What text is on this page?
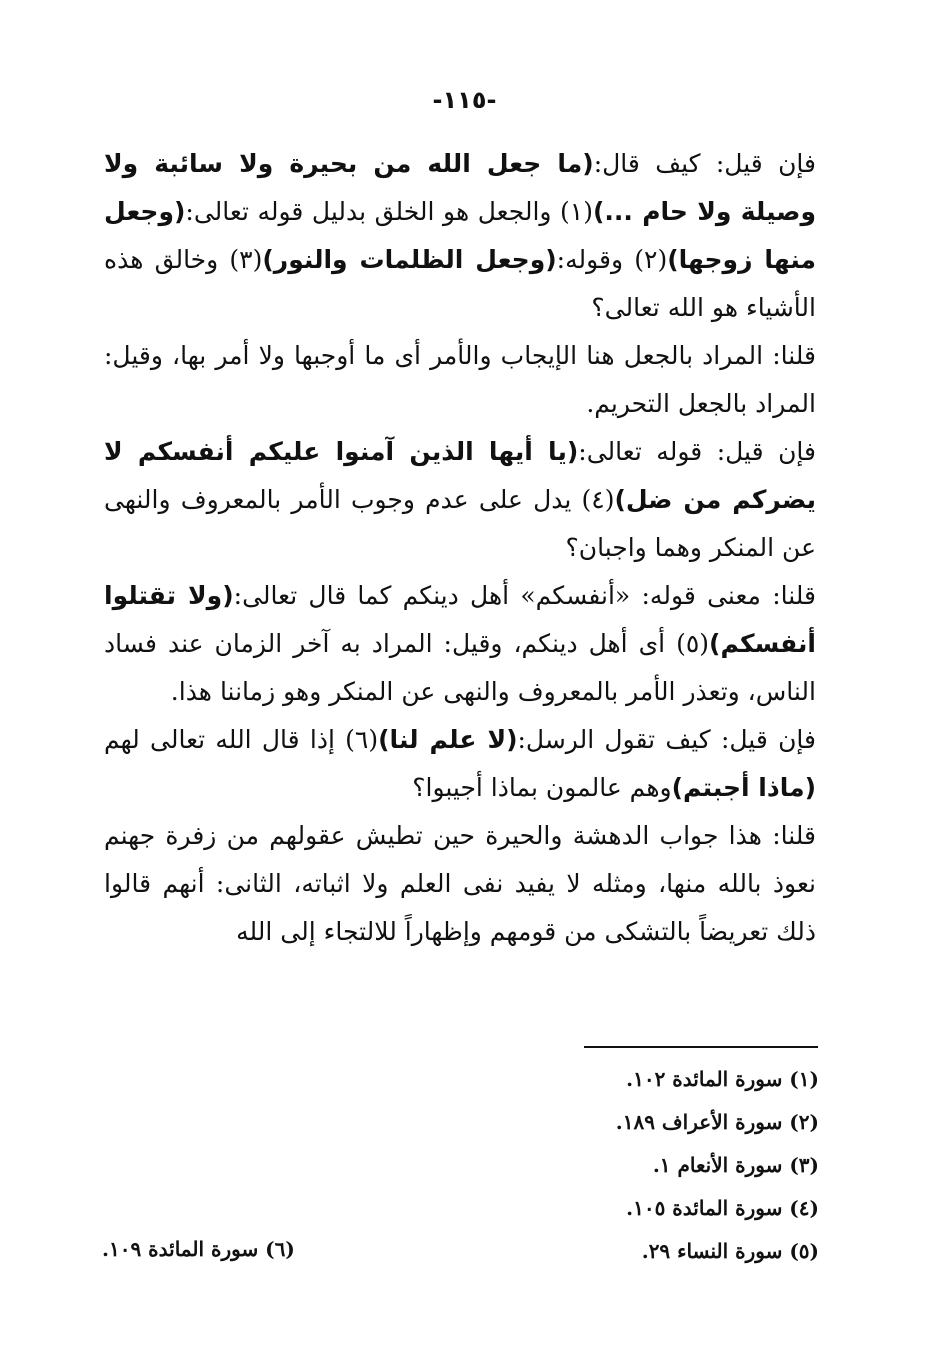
-١١٥-

فإن قيل: كيف قال:(ما جعل الله من بحيرة ولا سائبة ولا وصيلة ولا حام ...)(١) والجعل هو الخلق بدليل قوله تعالى:(وجعل منها زوجها)(٢) وقوله:(وجعل الظلمات والنور)(٣) وخالق هذه الأشياء هو الله تعالى؟

قلنا: المراد بالجعل هنا الإيجاب والأمر أى ما أوجبها ولا أمر بها، وقيل: المراد بالجعل التحريم.

فإن قيل: قوله تعالى:(يا أيها الذين آمنوا عليكم أنفسكم لا يضركم من ضل)(٤) يدل على عدم وجوب الأمر بالمعروف والنهى عن المنكر وهما واجبان؟

قلنا: معنى قوله: «أنفسكم» أهل دينكم كما قال تعالى:(ولا تقتلوا أنفسكم)(٥) أى أهل دينكم، وقيل: المراد به آخر الزمان عند فساد الناس، وتعذر الأمر بالمعروف والنهى عن المنكر وهو زماننا هذا.

فإن قيل: كيف تقول الرسل:(لا علم لنا)(٦) إذا قال الله تعالى لهم (ماذا أجبتم)وهم عالمون بماذا أجيبوا؟

قلنا: هذا جواب الدهشة والحيرة حين تطيش عقولهم من زفرة جهنم نعوذ بالله منها، ومثله لا يفيد نفى العلم ولا اثباته، الثانى: أنهم قالوا ذلك تعريضاً بالتشكى من قومهم وإظهاراً للالتجاء إلى الله

(١) سورة المائدة ١٠٢.
(٢) سورة الأعراف ١٨٩.
(٣) سورة الأنعام ١.
(٤) سورة المائدة ١٠٥.
(٥) سورة النساء ٢٩.
(٦) سورة المائدة ١٠٩.
